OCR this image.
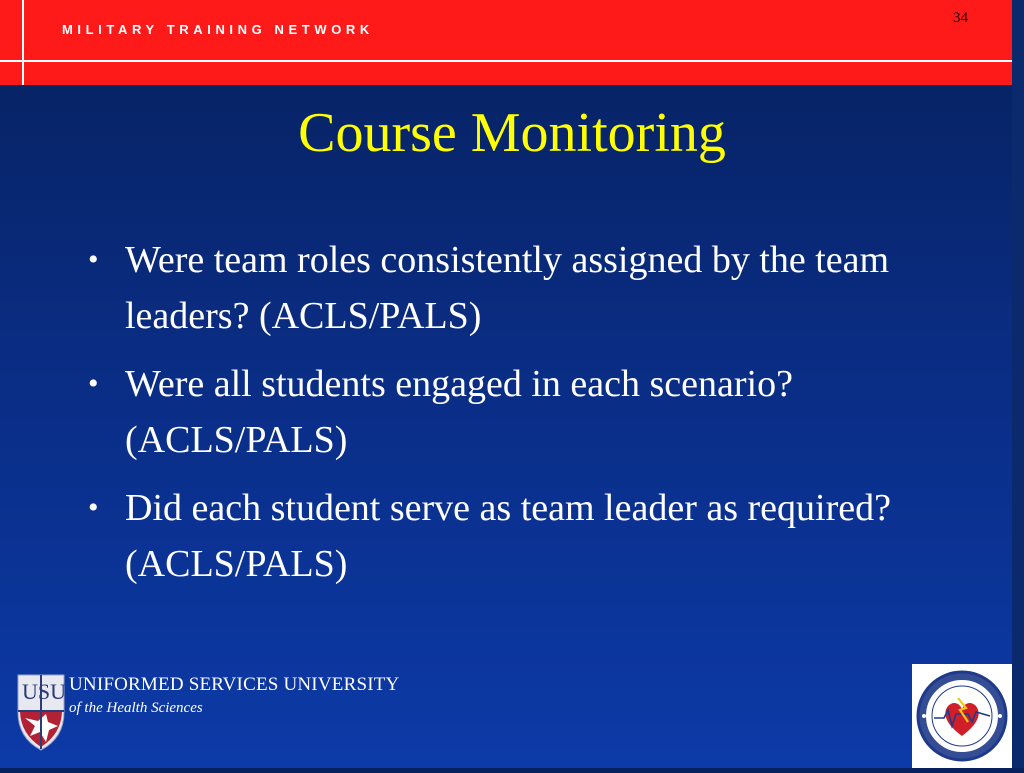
MILITARY TRAINING NETWORK
34
Course Monitoring
• Were team roles consistently assigned by the team leaders? (ACLS/PALS)
• Were all students engaged in each scenario? (ACLS/PALS)
• Did each student serve as team leader as required? (ACLS/PALS)
USU UNIFORMED SERVICES UNIVERSITY
of the Health Sciences
